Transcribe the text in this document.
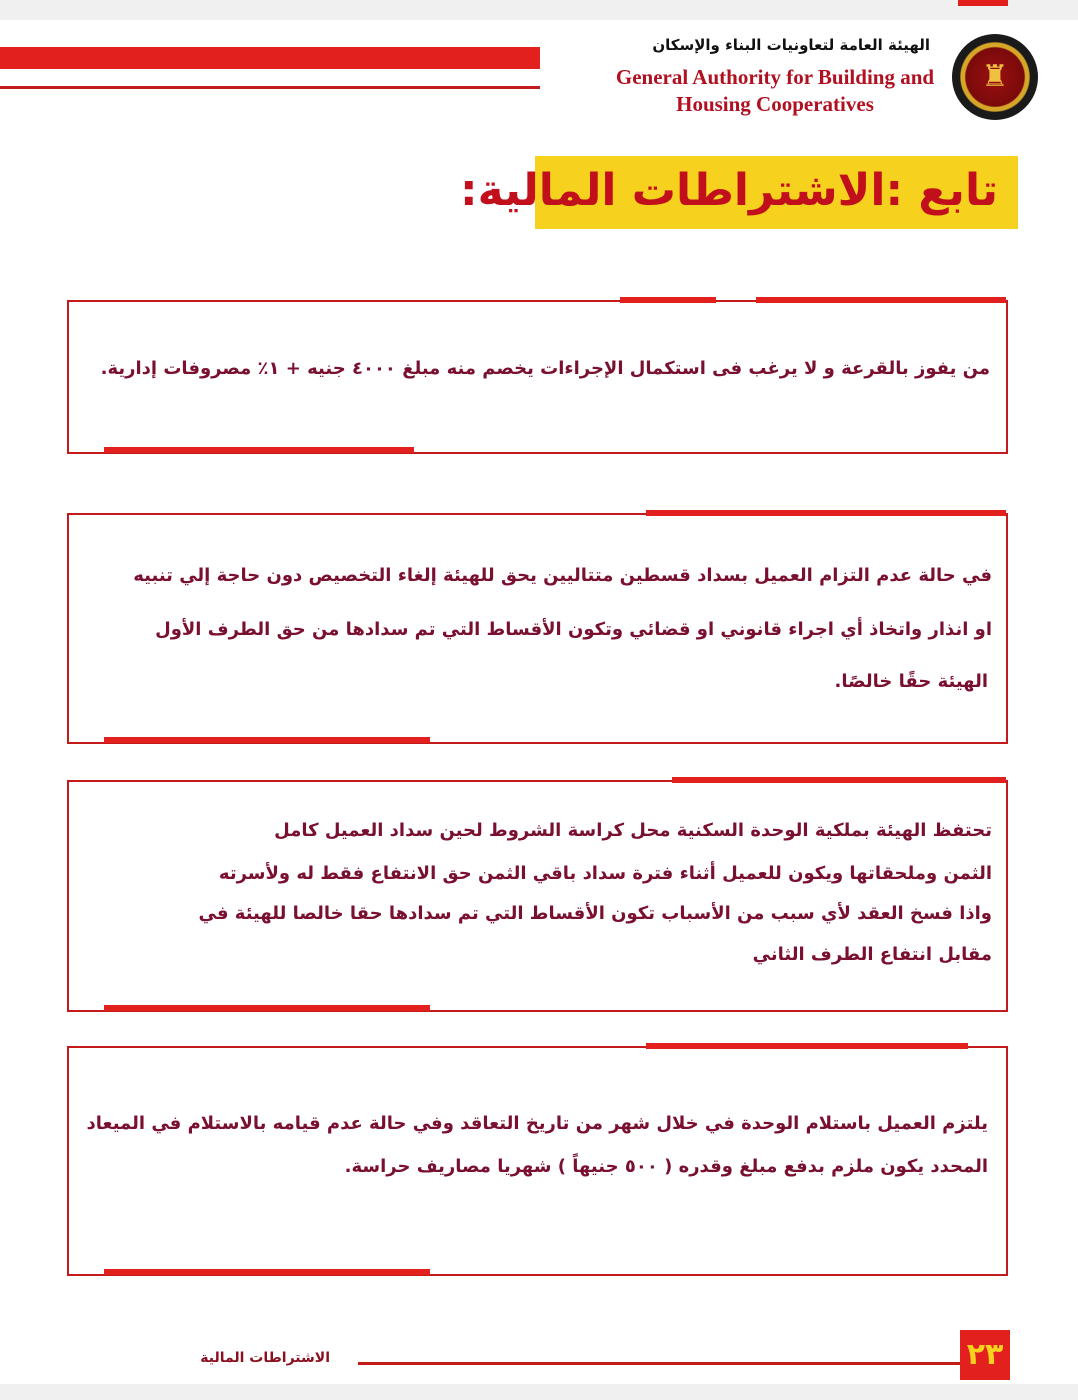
الهيئة العامة لتعاونيات البناء والإسكان
General Authority for Building and
Housing Cooperatives
♜
تابع :الاشتراطات المالية:
من يفوز بالقرعة و لا يرغب فى استكمال الإجراءات يخصم منه مبلغ ٤٠٠٠ جنيه + ١٪ مصروفات إدارية.
في حالة عدم التزام العميل بسداد قسطين متتاليين يحق للهيئة إلغاء التخصيص دون حاجة إلي تنبيه
او انذار واتخاذ أي اجراء قانوني او قضائي وتكون الأقساط التي تم سدادها من حق الطرف الأول
الهيئة حقًا خالصًا.
تحتفظ الهيئة بملكية الوحدة السكنية محل كراسة الشروط لحين سداد العميل كامل
الثمن وملحقاتها ويكون للعميل أثناء فترة سداد باقي الثمن حق الانتفاع فقط له ولأسرته
واذا فسخ العقد لأي سبب من الأسباب تكون الأقساط التي تم سدادها حقا خالصا للهيئة في
مقابل انتفاع الطرف الثاني
يلتزم العميل باستلام الوحدة في خلال شهر من تاريخ التعاقد وفي حالة عدم قيامه بالاستلام في الميعاد
المحدد يكون ملزم بدفع مبلغ وقدره ( ٥٠٠ جنيهاً ) شهريا مصاريف حراسة.
الاشتراطات المالية	٢٣
